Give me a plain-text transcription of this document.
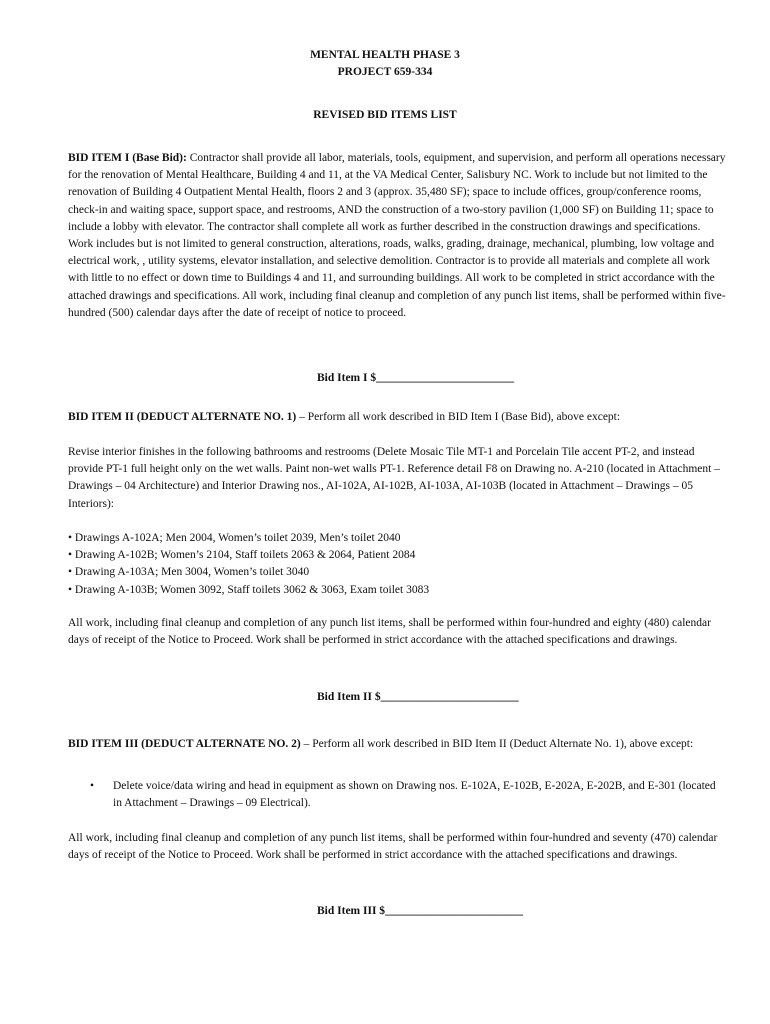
MENTAL HEALTH PHASE 3
PROJECT 659-334
REVISED BID ITEMS LIST
BID ITEM I (Base Bid): Contractor shall provide all labor, materials, tools, equipment, and supervision, and perform all operations necessary for the renovation of Mental Healthcare, Building 4 and 11, at the VA Medical Center, Salisbury NC. Work to include but not limited to the renovation of Building 4 Outpatient Mental Health, floors 2 and 3 (approx. 35,480 SF); space to include offices, group/conference rooms, check-in and waiting space, support space, and restrooms, AND the construction of a two-story pavilion (1,000 SF) on Building 11; space to include a lobby with elevator. The contractor shall complete all work as further described in the construction drawings and specifications. Work includes but is not limited to general construction, alterations, roads, walks, grading, drainage, mechanical, plumbing, low voltage and electrical work, , utility systems, elevator installation, and selective demolition. Contractor is to provide all materials and complete all work with little to no effect or down time to Buildings 4 and 11, and surrounding buildings. All work to be completed in strict accordance with the attached drawings and specifications. All work, including final cleanup and completion of any punch list items, shall be performed within five-hundred (500) calendar days after the date of receipt of notice to proceed.
Bid Item I $________________________
BID ITEM II (DEDUCT ALTERNATE NO. 1) – Perform all work described in BID Item I (Base Bid), above except:
Revise interior finishes in the following bathrooms and restrooms (Delete Mosaic Tile MT-1 and Porcelain Tile accent PT-2, and instead provide PT-1 full height only on the wet walls. Paint non-wet walls PT-1. Reference detail F8 on Drawing no. A-210 (located in Attachment – Drawings – 04 Architecture) and Interior Drawing nos., AI-102A, AI-102B, AI-103A, AI-103B (located in Attachment – Drawings – 05 Interiors):
• Drawings A-102A; Men 2004, Women’s toilet 2039, Men’s toilet 2040
• Drawing A-102B; Women’s 2104, Staff toilets 2063 & 2064, Patient 2084
• Drawing A-103A; Men 3004, Women’s toilet 3040
• Drawing A-103B; Women 3092, Staff toilets 3062 & 3063, Exam toilet 3083
All work, including final cleanup and completion of any punch list items, shall be performed within four-hundred and eighty (480) calendar days of receipt of the Notice to Proceed. Work shall be performed in strict accordance with the attached specifications and drawings.
Bid Item II $________________________
BID ITEM III (DEDUCT ALTERNATE NO. 2) – Perform all work described in BID Item II (Deduct Alternate No. 1), above except:
• Delete voice/data wiring and head in equipment as shown on Drawing nos. E-102A, E-102B, E-202A, E-202B, and E-301 (located in Attachment – Drawings – 09 Electrical).
All work, including final cleanup and completion of any punch list items, shall be performed within four-hundred and seventy (470) calendar days of receipt of the Notice to Proceed. Work shall be performed in strict accordance with the attached specifications and drawings.
Bid Item III $________________________
